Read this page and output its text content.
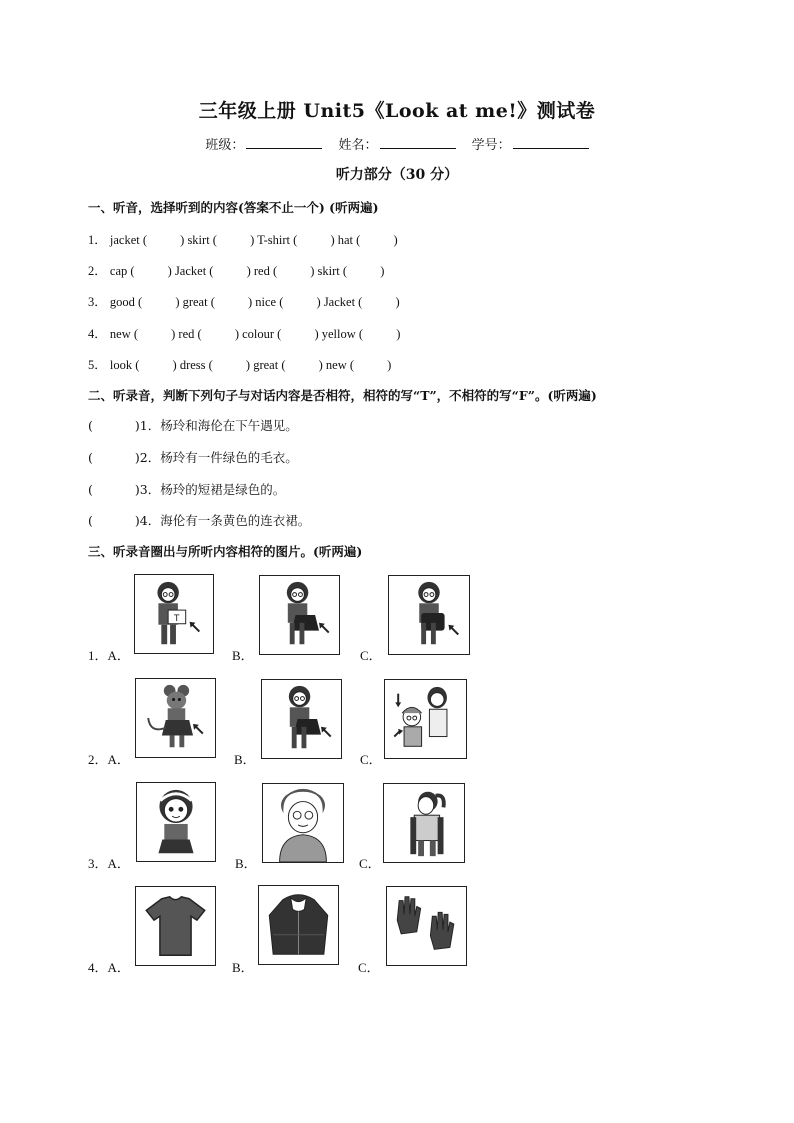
三年级上册 Unit5《Look at me!》测试卷
班级：	姓名：	学号：
听力部分（30 分）
一、听音，选择听到的内容(答案不止一个) (听两遍)
1． jacket (	) skirt (	) T-shirt (	) hat (	)
2． cap (	) Jacket (	) red (	) skirt (	)
3． good (	) great (	) nice (	) Jacket (	)
4． new (	) red (	) colour (	) yellow (	)
5． look (	) dress (	) great (	) new (	)
二、听录音，判断下列句子与对话内容是否相符，相符的写“T”，不相符的写“F”。(听两遍)
(	)1．杨玲和海伦在下午遇见。
(	)2．杨玲有一件绿色的毛衣。
(	)3．杨玲的短裙是绿色的。
(	)4．海伦有一条黄色的连衣裙。
三、听录音圈出与所听内容相符的图片。(听两遍)
1．A．	B．	C．
T
2．A．	B．	C．
3．A．	B．	C．
4．A．	B．	C．
